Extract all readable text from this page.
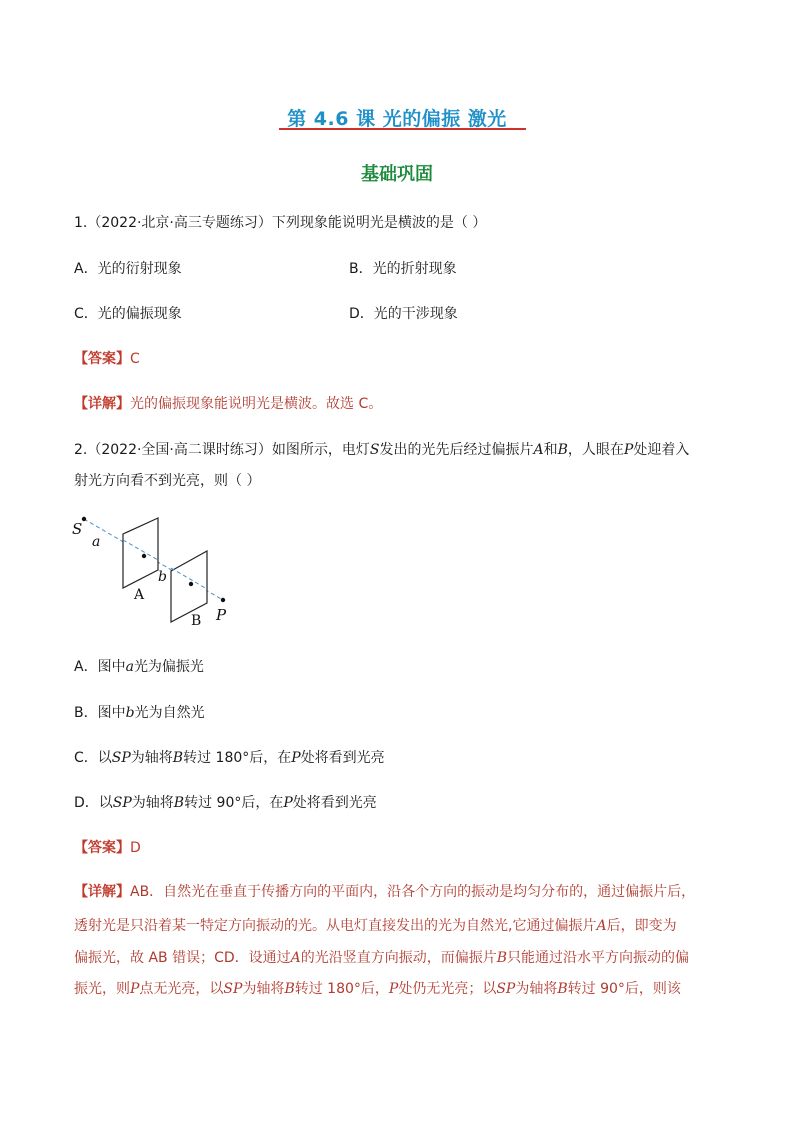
第 4.6 课 光的偏振 激光
基础巩固
1.（2022·北京·高三专题练习）下列现象能说明光是横波的是（ ）
A．光的衍射现象	B．光的折射现象
C．光的偏振现象	D．光的干涉现象
【答案】C
【详解】光的偏振现象能说明光是横波。故选 C。
2.（2022·全国·高二课时练习）如图所示，电灯S发出的光先后经过偏振片A和B，人眼在P处迎着入
射光方向看不到光亮，则（ ）
S
a
b
A
B P
A．图中a光为偏振光
B．图中b光为自然光
C．以SP为轴将B转过 180°后，在P处将看到光亮
D．以SP为轴将B转过 90°后，在P处将看到光亮
【答案】D
【详解】AB．自然光在垂直于传播方向的平面内，沿各个方向的振动是均匀分布的，通过偏振片后，
透射光是只沿着某一特定方向振动的光。从电灯直接发出的光为自然光,它通过偏振片A后，即变为
偏振光，故 AB 错误；CD．设通过A的光沿竖直方向振动，而偏振片B只能通过沿水平方向振动的偏
振光，则P点无光亮，以SP为轴将B转过 180°后，P处仍无光亮；以SP为轴将B转过 90°后，则该
